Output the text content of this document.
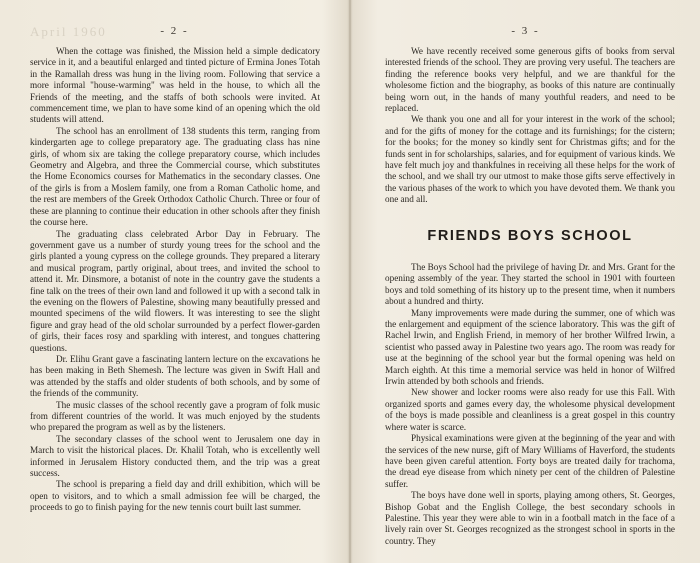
April 1960	- 2 -

When the cottage was finished, the Mission held a simple dedicatory service in it, and a beautiful enlarged and tinted picture of Ermina Jones Totah in the Ramallah dress was hung in the living room. Following that service a more informal "house-warming" was held in the house, to which all the Friends of the meeting, and the staffs of both schools were invited. At commencement time, we plan to have some kind of an opening which the old students will attend.

The school has an enrollment of 138 students this term, ranging from kindergarten age to college preparatory age. The graduating class has nine girls, of whom six are taking the college preparatory course, which includes Geometry and Algebra, and three the Commercial course, which substitutes the Home Economics courses for Mathematics in the secondary classes. One of the girls is from a Moslem family, one from a Roman Catholic home, and the rest are members of the Greek Orthodox Catholic Church. Three or four of these are planning to continue their education in other schools after they finish the course here.

The graduating class celebrated Arbor Day in February. The government gave us a number of sturdy young trees for the school and the girls planted a young cypress on the college grounds. They prepared a literary and musical program, partly original, about trees, and invited the school to attend it. Mr. Dinsmore, a botanist of note in the country gave the students a fine talk on the trees of their own land and followed it up with a second talk in the evening on the flowers of Palestine, showing many beautifully pressed and mounted specimens of the wild flowers. It was interesting to see the slight figure and gray head of the old scholar surrounded by a perfect flower-garden of girls, their faces rosy and sparkling with interest, and tongues chattering questions.

Dr. Elihu Grant gave a fascinating lantern lecture on the excavations he has been making in Beth Shemesh. The lecture was given in Swift Hall and was attended by the staffs and older students of both schools, and by some of the friends of the community.

The music classes of the school recently gave a program of folk music from different countries of the world. It was much enjoyed by the students who prepared the program as well as by the listeners.

The secondary classes of the school went to Jerusalem one day in March to visit the historical places. Dr. Khalil Totah, who is excellently well informed in Jerusalem History conducted them, and the trip was a great success.

The school is preparing a field day and drill exhibition, which will be open to visitors, and to which a small admission fee will be charged, the proceeds to go to finish paying for the new tennis court built last summer.

- 3 -

We have recently received some generous gifts of books from serval interested friends of the school. They are proving very useful. The teachers are finding the reference books very helpful, and we are thankful for the wholesome fiction and the biography, as books of this nature are continually being worn out, in the hands of many youthful readers, and need to be replaced.

We thank you one and all for your interest in the work of the school; and for the gifts of money for the cottage and its furnishings; for the cistern; for the books; for the money so kindly sent for Christmas gifts; and for the funds sent in for scholarships, salaries, and for equipment of various kinds. We have felt much joy and thankfulnes in receiving all these helps for the work of the school, and we shall try our utmost to make those gifts serve effectively in the various phases of the work to which you have devoted them. We thank you one and all.

FRIENDS BOYS SCHOOL

The Boys School had the privilege of having Dr. and Mrs. Grant for the opening assembly of the year. They started the school in 1901 with fourteen boys and told something of its history up to the present time, when it numbers about a hundred and thirty.

Many improvements were made during the summer, one of which was the enlargement and equipment of the science laboratory. This was the gift of Rachel Irwin, and English Friend, in memory of her brother Wilfred Irwin, a scientist who passed away in Palestine two years ago. The room was ready for use at the beginning of the school year but the formal opening was held on March eighth. At this time a memorial service was held in honor of Wilfred Irwin attended by both schools and friends.

New shower and locker rooms were also ready for use this Fall. With organized sports and games every day, the wholesome physical development of the boys is made possible and cleanliness is a great gospel in this country where water is scarce.

Physical examinations were given at the beginning of the year and with the services of the new nurse, gift of Mary Williams of Haverford, the students have been given careful attention. Forty boys are treated daily for trachoma, the dread eye disease from which ninety per cent of the children of Palestine suffer.

The boys have done well in sports, playing among others, St. Georges, Bishop Gobat and the English College, the best secondary schools in Palestine. This year they were able to win in a football match in the face of a lively rain over St. Georges recognized as the strongest school in sports in the country. They
